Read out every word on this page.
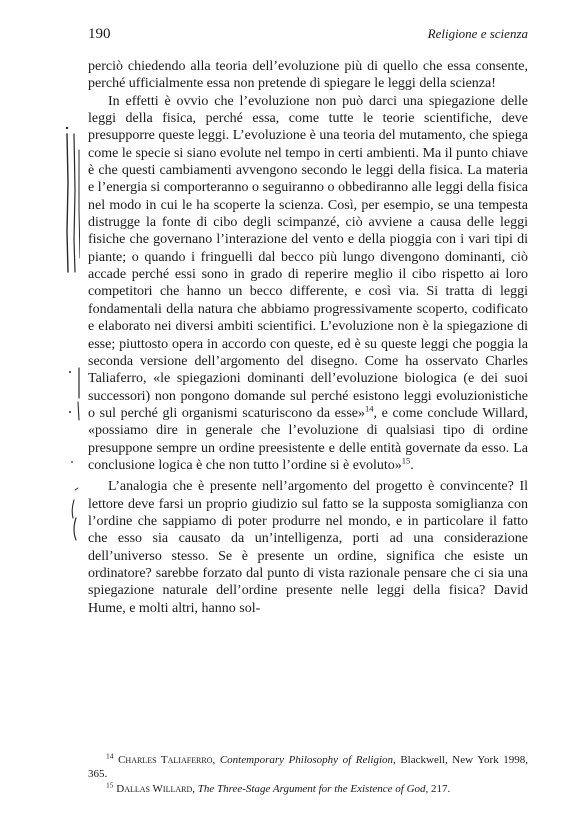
190	Religione e scienza

perciò chiedendo alla teoria dell’evoluzione più di quello che essa consente, perché ufficialmente essa non pretende di spiegare le leggi della scienza!

In effetti è ovvio che l’evoluzione non può darci una spiegazione delle leggi della fisica, perché essa, come tutte le teorie scientifiche, deve presupporre queste leggi. L’evoluzione è una teoria del mutamento, che spiega come le specie si siano evolute nel tempo in certi ambienti. Ma il punto chiave è che questi cambiamenti avvengono secondo le leggi della fisica. La materia e l’energia si comporteranno o seguiranno o obbediranno alle leggi della fisica nel modo in cui le ha scoperte la scienza. Così, per esempio, se una tempesta distrugge la fonte di cibo degli scimpanzé, ciò avviene a causa delle leggi fisiche che governano l’interazione del vento e della pioggia con i vari tipi di piante; o quando i fringuelli dal becco più lungo divengono dominanti, ciò accade perché essi sono in grado di reperire meglio il cibo rispetto ai loro competitori che hanno un becco differente, e così via. Si tratta di leggi fondamentali della natura che abbiamo progressivamente scoperto, codificato e elaborato nei diversi ambiti scientifici. L’evoluzione non è la spiegazione di esse; piuttosto opera in accordo con queste, ed è su queste leggi che poggia la seconda versione dell’argomento del disegno. Come ha osservato Charles Taliaferro, «le spiegazioni dominanti dell’evoluzione biologica (e dei suoi successori) non pongono domande sul perché esistono leggi evoluzionistiche o sul perché gli organismi scaturiscono da esse»$^{14}$, e come conclude Willard, «possiamo dire in generale che l’evoluzione di qualsiasi tipo di ordine presuppone sempre un ordine preesistente e delle entità governate da esso. La conclusione logica è che non tutto l’ordine si è evoluto»$^{15}$.

L’analogia che è presente nell’argomento del progetto è convincente? Il lettore deve farsi un proprio giudizio sul fatto se la supposta somiglianza con l’ordine che sappiamo di poter produrre nel mondo, e in particolare il fatto che esso sia causato da un’intelligenza, porti ad una considerazione dell’universo stesso. Se è presente un ordine, significa che esiste un ordinatore? sarebbe forzato dal punto di vista razionale pensare che ci sia una spiegazione naturale dell’ordine presente nelle leggi della fisica? David Hume, e molti altri, hanno sol-

$^{14}$ Charles Taliaferro, Contemporary Philosophy of Religion, Blackwell, New York 1998, 365.

$^{15}$ Dallas Willard, The Three-Stage Argument for the Existence of God, 217.
